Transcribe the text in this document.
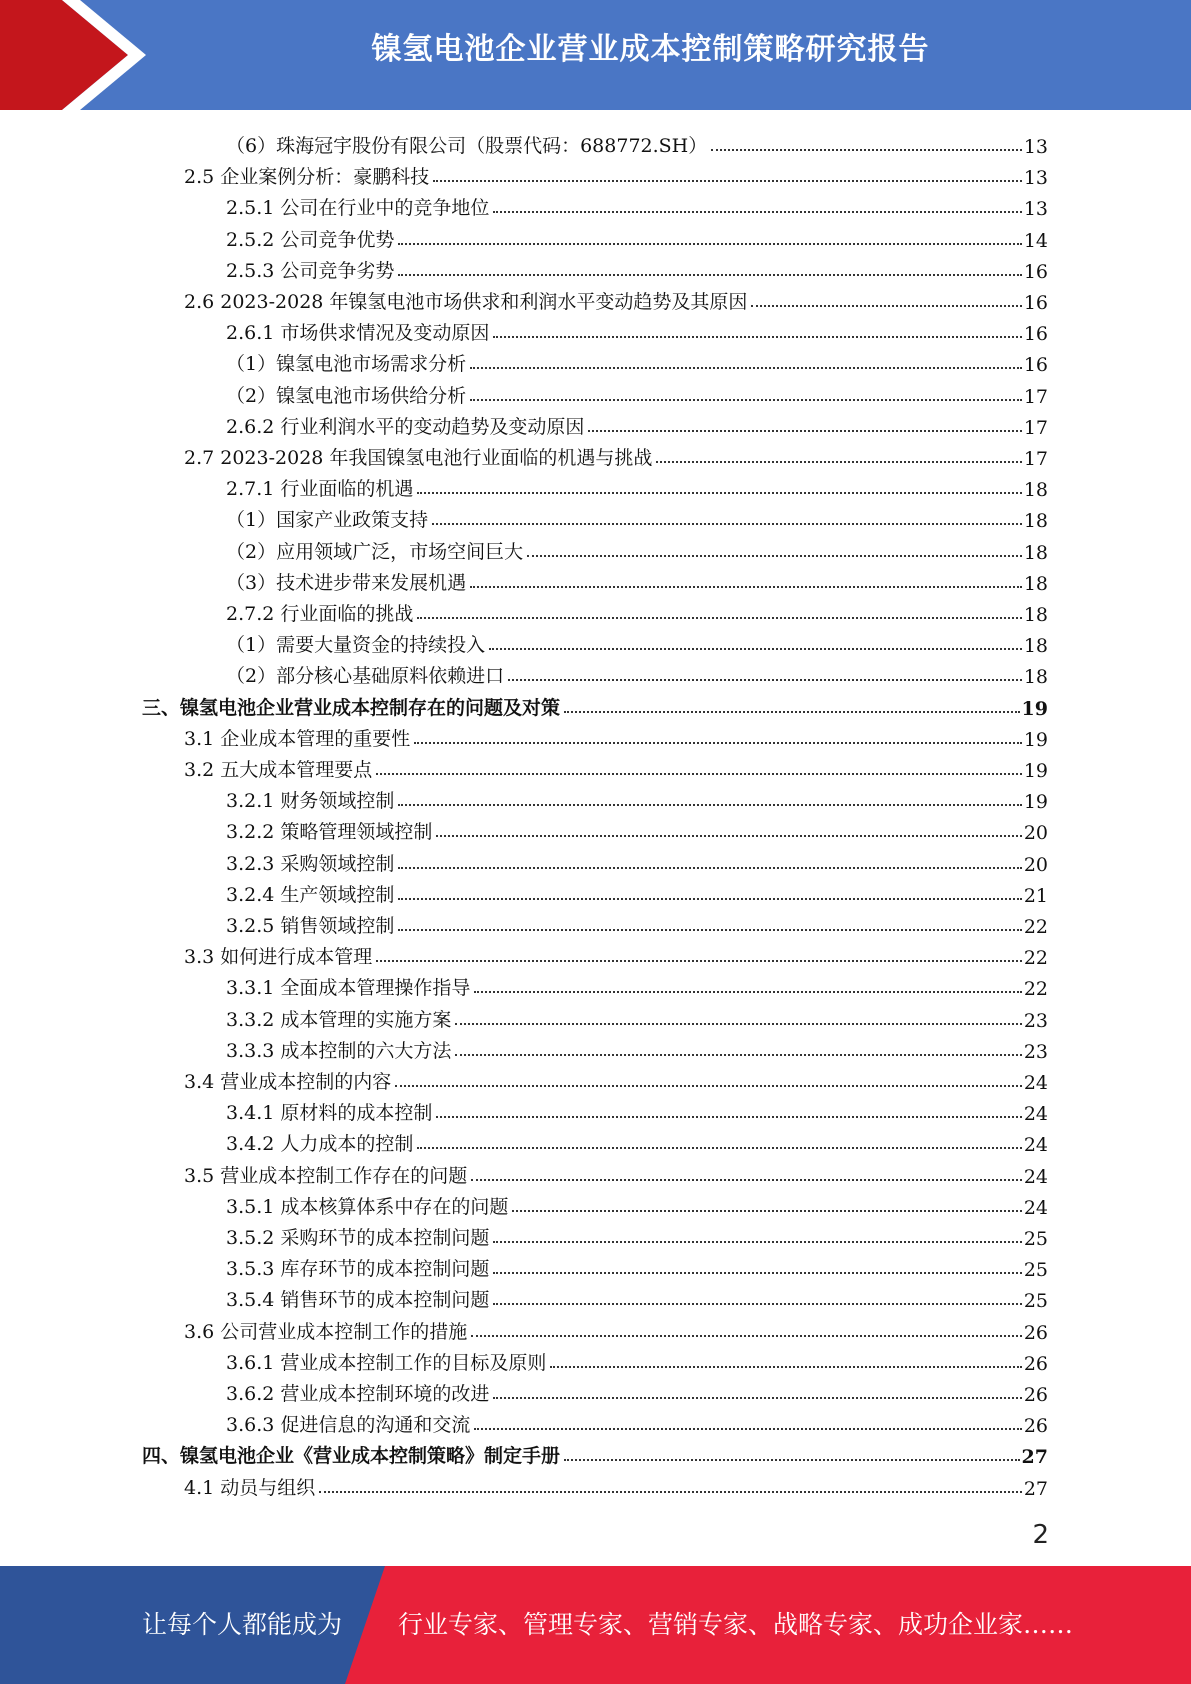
镍氢电池企业营业成本控制策略研究报告
（6）珠海冠宇股份有限公司（股票代码：688772.SH）	13
2.5 企业案例分析：豪鹏科技	13
2.5.1 公司在行业中的竞争地位	13
2.5.2 公司竞争优势	14
2.5.3 公司竞争劣势	16
2.6 2023-2028 年镍氢电池市场供求和利润水平变动趋势及其原因	16
2.6.1 市场供求情况及变动原因	16
（1）镍氢电池市场需求分析	16
（2）镍氢电池市场供给分析	17
2.6.2 行业利润水平的变动趋势及变动原因	17
2.7 2023-2028 年我国镍氢电池行业面临的机遇与挑战	17
2.7.1 行业面临的机遇	18
（1）国家产业政策支持	18
（2）应用领域广泛，市场空间巨大	18
（3）技术进步带来发展机遇	18
2.7.2 行业面临的挑战	18
（1）需要大量资金的持续投入	18
（2）部分核心基础原料依赖进口	18
三、镍氢电池企业营业成本控制存在的问题及对策	19
3.1 企业成本管理的重要性	19
3.2 五大成本管理要点	19
3.2.1 财务领域控制	19
3.2.2 策略管理领域控制	20
3.2.3 采购领域控制	20
3.2.4 生产领域控制	21
3.2.5 销售领域控制	22
3.3 如何进行成本管理	22
3.3.1 全面成本管理操作指导	22
3.3.2 成本管理的实施方案	23
3.3.3 成本控制的六大方法	23
3.4 营业成本控制的内容	24
3.4.1 原材料的成本控制	24
3.4.2 人力成本的控制	24
3.5 营业成本控制工作存在的问题	24
3.5.1 成本核算体系中存在的问题	24
3.5.2 采购环节的成本控制问题	25
3.5.3 库存环节的成本控制问题	25
3.5.4 销售环节的成本控制问题	25
3.6 公司营业成本控制工作的措施	26
3.6.1 营业成本控制工作的目标及原则	26
3.6.2 营业成本控制环境的改进	26
3.6.3 促进信息的沟通和交流	26
四、镍氢电池企业《营业成本控制策略》制定手册	27
4.1 动员与组织	27
2
让每个人都能成为 行业专家、管理专家、营销专家、战略专家、成功企业家……
